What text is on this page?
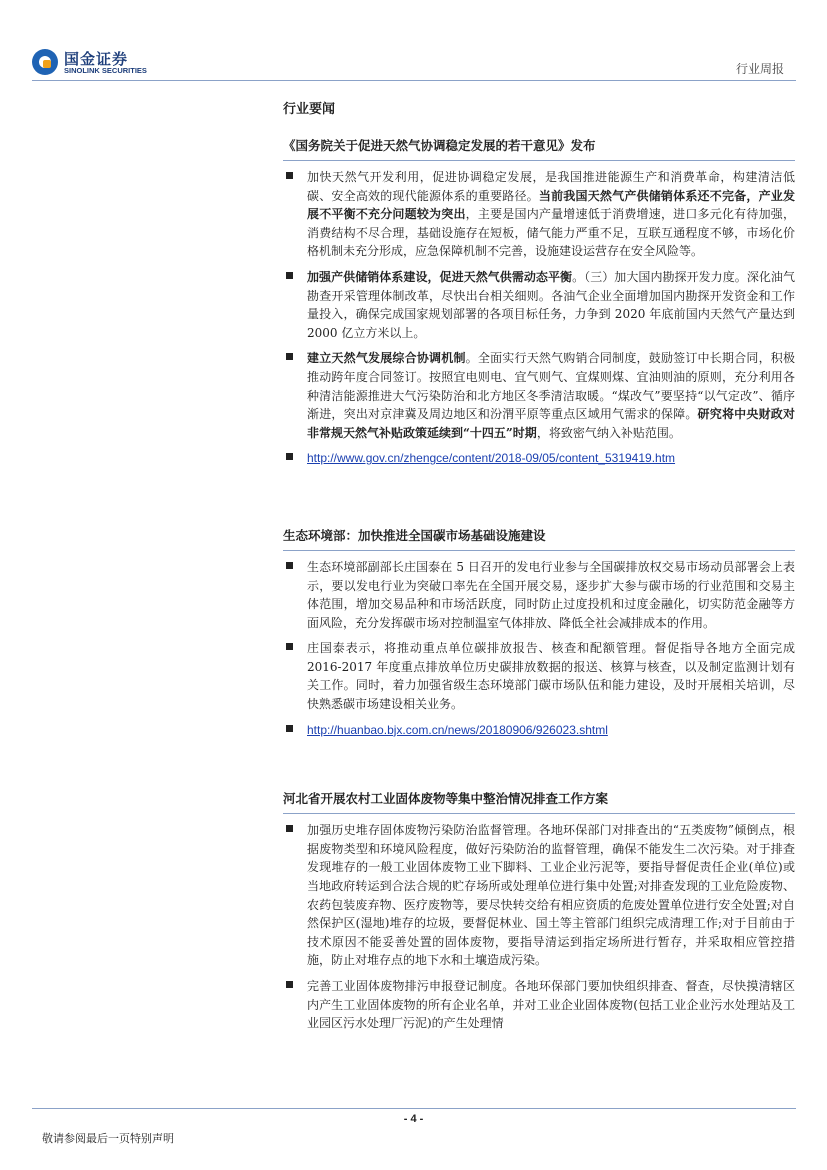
国金证券
SINOLINK SECURITIES	行业周报
行业要闻
《国务院关于促进天然气协调稳定发展的若干意见》发布
加快天然气开发利用，促进协调稳定发展，是我国推进能源生产和消费革命，构建清洁低碳、安全高效的现代能源体系的重要路径。当前我国天然气产供储销体系还不完备，产业发展不平衡不充分问题较为突出，主要是国内产量增速低于消费增速，进口多元化有待加强，消费结构不尽合理，基础设施存在短板，储气能力严重不足，互联互通程度不够，市场化价格机制未充分形成，应急保障机制不完善，设施建设运营存在安全风险等。
加强产供储销体系建设，促进天然气供需动态平衡。（三）加大国内勘探开发力度。深化油气勘查开采管理体制改革，尽快出台相关细则。各油气企业全面增加国内勘探开发资金和工作量投入，确保完成国家规划部署的各项目标任务，力争到 2020 年底前国内天然气产量达到 2000 亿立方米以上。
建立天然气发展综合协调机制。全面实行天然气购销合同制度，鼓励签订中长期合同，积极推动跨年度合同签订。按照宜电则电、宜气则气、宜煤则煤、宜油则油的原则，充分利用各种清洁能源推进大气污染防治和北方地区冬季清洁取暖。“煤改气”要坚持“以气定改”、循序渐进，突出对京津冀及周边地区和汾渭平原等重点区域用气需求的保障。研究将中央财政对非常规天然气补贴政策延续到“十四五”时期，将致密气纳入补贴范围。
http://www.gov.cn/zhengce/content/2018-09/05/content_5319419.htm
生态环境部：加快推进全国碳市场基础设施建设
生态环境部副部长庄国泰在 5 日召开的发电行业参与全国碳排放权交易市场动员部署会上表示，要以发电行业为突破口率先在全国开展交易，逐步扩大参与碳市场的行业范围和交易主体范围，增加交易品种和市场活跃度，同时防止过度投机和过度金融化，切实防范金融等方面风险，充分发挥碳市场对控制温室气体排放、降低全社会减排成本的作用。
庄国泰表示，将推动重点单位碳排放报告、核查和配额管理。督促指导各地方全面完成 2016-2017 年度重点排放单位历史碳排放数据的报送、核算与核查，以及制定监测计划有关工作。同时，着力加强省级生态环境部门碳市场队伍和能力建设，及时开展相关培训，尽快熟悉碳市场建设相关业务。
http://huanbao.bjx.com.cn/news/20180906/926023.shtml
河北省开展农村工业固体废物等集中整治情况排查工作方案
加强历史堆存固体废物污染防治监督管理。各地环保部门对排查出的“五类废物”倾倒点，根据废物类型和环境风险程度，做好污染防治的监督管理，确保不能发生二次污染。对于排查发现堆存的一般工业固体废物工业下脚料、工业企业污泥等，要指导督促责任企业(单位)或当地政府转运到合法合规的贮存场所或处理单位进行集中处置;对排查发现的工业危险废物、农药包装废弃物、医疗废物等，要尽快转交给有相应资质的危废处置单位进行安全处置;对自然保护区(湿地)堆存的垃圾，要督促林业、国土等主管部门组织完成清理工作;对于目前由于技术原因不能妥善处置的固体废物，要指导清运到指定场所进行暂存，并采取相应管控措施，防止对堆存点的地下水和土壤造成污染。
完善工业固体废物排污申报登记制度。各地环保部门要加快组织排查、督查，尽快摸清辖区内产生工业固体废物的所有企业名单，并对工业企业固体废物(包括工业企业污水处理站及工业园区污水处理厂污泥)的产生处理情
- 4 -
敬请参阅最后一页特别声明
